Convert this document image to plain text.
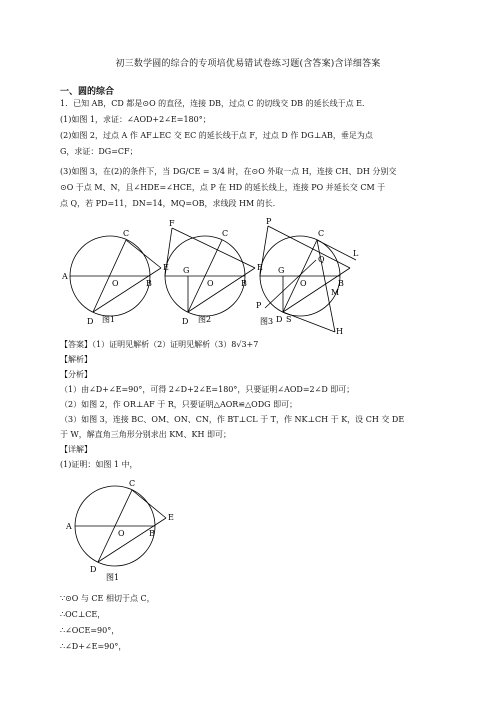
初三数学圆的综合的专项培优易错试卷练习题(含答案)含详细答案
一、圆的综合
1．已知 AB，CD 都是⊙O 的直径，连接 DB，过点 C 的切线交 DB 的延长线于点 E．
(1)如图 1，求证：∠AOD+2∠E=180°；
(2)如图 2，过点 A 作 AF⊥EC 交 EC 的延长线于点 F，过点 D 作 DG⊥AB，垂足为点
G，求证：DG=CF；
(3)如图 3，在(2)的条件下，当 DG/CE = 3/4 时，在⊙O 外取一点 H，连接 CH、DH 分别交
⊙O 于点 M、N，且∠HDE=∠HCE，点 P 在 HD 的延长线上，连接 PO 并延长交 CM 于
点 Q，若 PD=11，DN=14，MQ=OB，求线段 HM 的长．
C
A
O	B
E
D 图1
F
C
G
O	B
E
D 图2
P
C
Q
G
O	B
M
L
P
D S
H
图3
【答案】（1）证明见解析（2）证明见解析（3）8√3+7
【解析】
【分析】
（1）由∠D+∠E=90°，可得 2∠D+2∠E=180°，只要证明∠AOD=2∠D 即可；
（2）如图 2，作 OR⊥AF 于 R，只要证明△AOR≌△ODG 即可；
（3）如图 3，连接 BC、OM、ON、CN，作 BT⊥CL 于 T，作 NK⊥CH 于 K，设 CH 交 DE
于 W，解直角三角形分别求出 KM、KH 即可；
【详解】
(1)证明：如图 1 中，
C
A
O	B
E
D
图1
∵⊙O 与 CE 相切于点 C，
∴OC⊥CE，
∴∠OCE=90°，
∴∠D+∠E=90°，
